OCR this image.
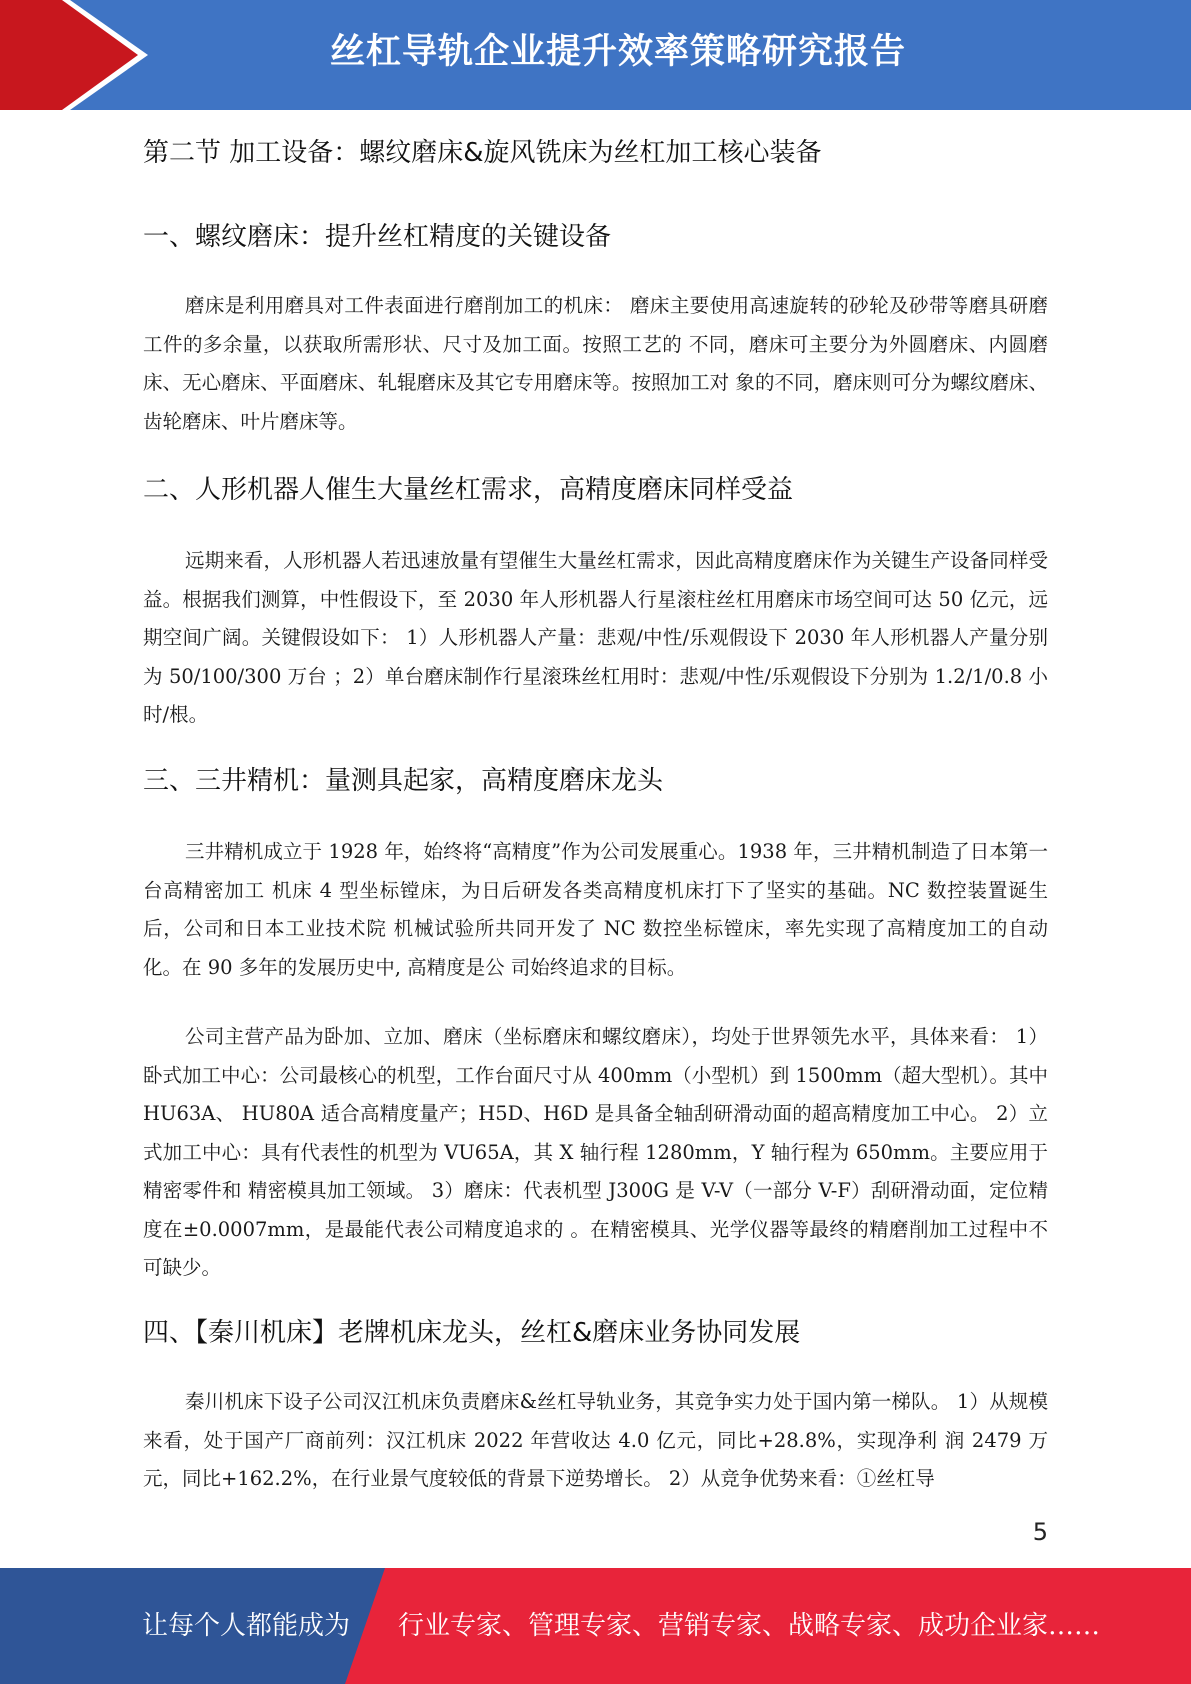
丝杠导轨企业提升效率策略研究报告
第二节 加工设备：螺纹磨床&旋风铣床为丝杠加工核心装备
一、螺纹磨床：提升丝杠精度的关键设备

磨床是利用磨具对工件表面进行磨削加工的机床： 磨床主要使用高速旋转的砂轮及砂带等磨具研磨工件的多余量，以获取所需形状、尺寸及加工面。按照工艺的 不同，磨床可主要分为外圆磨床、内圆磨床、无心磨床、平面磨床、轧辊磨床及其它专用磨床等。按照加工对 象的不同，磨床则可分为螺纹磨床、齿轮磨床、叶片磨床等。

二、人形机器人催生大量丝杠需求，高精度磨床同样受益

远期来看，人形机器人若迅速放量有望催生大量丝杠需求，因此高精度磨床作为关键生产设备同样受益。根据我们测算，中性假设下，至 2030 年人形机器人行星滚柱丝杠用磨床市场空间可达 50 亿元，远期空间广阔。关键假设如下： 1）人形机器人产量：悲观/中性/乐观假设下 2030 年人形机器人产量分别为 50/100/300 万台 ；2）单台磨床制作行星滚珠丝杠用时：悲观/中性/乐观假设下分别为 1.2/1/0.8 小时/根。

三、三井精机：量测具起家，高精度磨床龙头

三井精机成立于 1928 年，始终将“高精度”作为公司发展重心。1938 年，三井精机制造了日本第一台高精密加工 机床 4 型坐标镗床，为日后研发各类高精度机床打下了坚实的基础。NC 数控装置诞生后，公司和日本工业技术院 机械试验所共同开发了 NC 数控坐标镗床，率先实现了高精度加工的自动化。在 90 多年的发展历史中, 高精度是公 司始终追求的目标。

公司主营产品为卧加、立加、磨床（坐标磨床和螺纹磨床），均处于世界领先水平，具体来看： 1）卧式加工中心：公司最核心的机型，工作台面尺寸从 400mm（小型机）到 1500mm（超大型机）。其中 HU63A、 HU80A 适合高精度量产；H5D、H6D 是具备全轴刮研滑动面的超高精度加工中心。 2）立式加工中心：具有代表性的机型为 VU65A，其 X 轴行程 1280mm，Y 轴行程为 650mm。主要应用于精密零件和 精密模具加工领域。 3）磨床：代表机型 J300G 是 V-V（一部分 V-F）刮研滑动面，定位精度在±0.0007mm，是最能代表公司精度追求的 。在精密模具、光学仪器等最终的精磨削加工过程中不可缺少。

四、【秦川机床】老牌机床龙头，丝杠&磨床业务协同发展

秦川机床下设子公司汉江机床负责磨床&丝杠导轨业务，其竞争实力处于国内第一梯队。 1）从规模来看，处于国产厂商前列：汉江机床 2022 年营收达 4.0 亿元，同比+28.8%，实现净利 润 2479 万元，同比+162.2%，在行业景气度较低的背景下逆势增长。 2）从竞争优势来看：①丝杠导

5
让每个人都能成为 行业专家、管理专家、营销专家、战略专家、成功企业家……
